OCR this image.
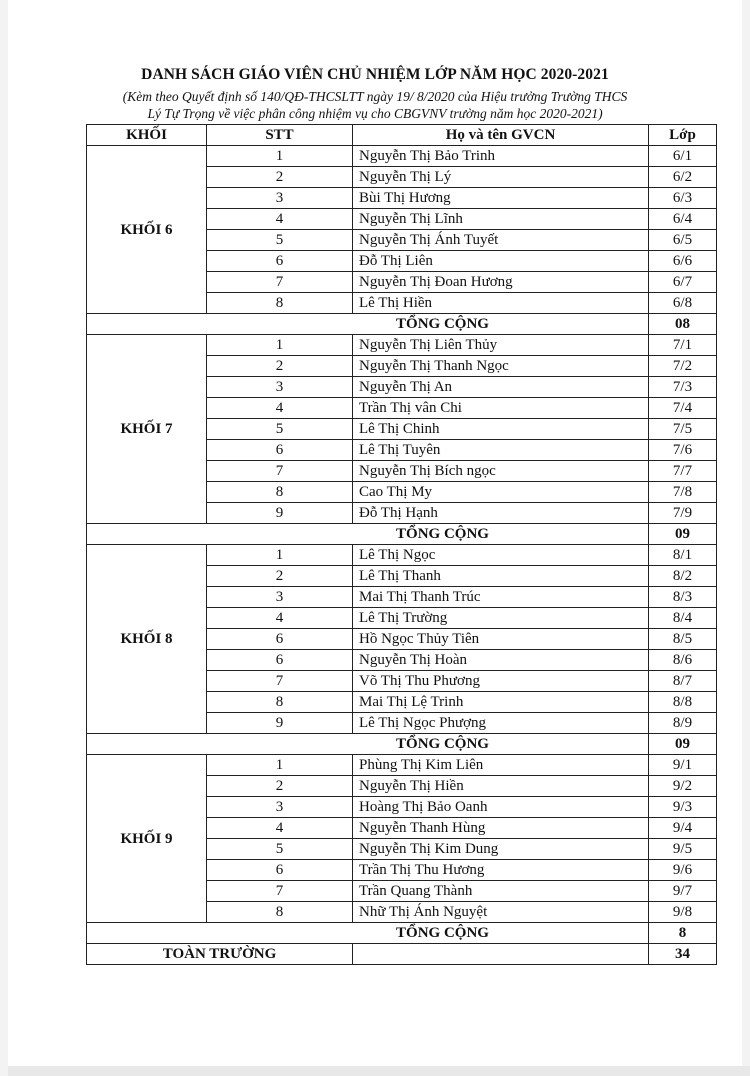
DANH SÁCH GIÁO VIÊN CHỦ NHIỆM LỚP NĂM HỌC 2020-2021
(Kèm theo Quyết định số 140/QĐ-THCSLTT ngày 19/ 8/2020 của Hiệu trưởng Trường THCS
Lý Tự Trọng về việc phân công nhiệm vụ cho CBGVNV trường năm học 2020-2021)
KHỐI	STT	Họ và tên GVCN	Lớp
KHỐI 6	1	Nguyễn Thị Bảo Trinh	6/1
	2	Nguyễn Thị Lý	6/2
	3	Bùi Thị Hương	6/3
	4	Nguyễn Thị Lĩnh	6/4
	5	Nguyễn Thị Ánh Tuyết	6/5
	6	Đỗ Thị Liên	6/6
	7	Nguyễn Thị Đoan Hương	6/7
	8	Lê Thị Hiền	6/8
TỔNG CỘNG			08
KHỐI 7	1	Nguyễn Thị Liên Thủy	7/1
	2	Nguyễn Thị Thanh Ngọc	7/2
	3	Nguyễn Thị An	7/3
	4	Trần Thị vân Chi	7/4
	5	Lê Thị Chinh	7/5
	6	Lê Thị Tuyên	7/6
	7	Nguyễn Thị Bích ngọc	7/7
	8	Cao Thị My	7/8
	9	Đỗ Thị Hạnh	7/9
TỔNG CỘNG			09
KHỐI 8	1	Lê Thị Ngọc	8/1
	2	Lê Thị Thanh	8/2
	3	Mai Thị Thanh Trúc	8/3
	4	Lê Thị Trường	8/4
	6	Hồ Ngọc Thủy Tiên	8/5
	6	Nguyễn Thị Hoàn	8/6
	7	Võ Thị Thu Phương	8/7
	8	Mai Thị Lệ Trinh	8/8
	9	Lê Thị Ngọc Phượng	8/9
TỔNG CỘNG			09
KHỐI 9	1	Phùng Thị Kim Liên	9/1
	2	Nguyễn Thị Hiền	9/2
	3	Hoàng Thị Bảo Oanh	9/3
	4	Nguyễn Thanh Hùng	9/4
	5	Nguyễn Thị Kim Dung	9/5
	6	Trần Thị Thu Hương	9/6
	7	Trần Quang Thành	9/7
	8	Nhữ Thị Ánh Nguyệt	9/8
TỔNG CỘNG			8
TOÀN TRƯỜNG			34
